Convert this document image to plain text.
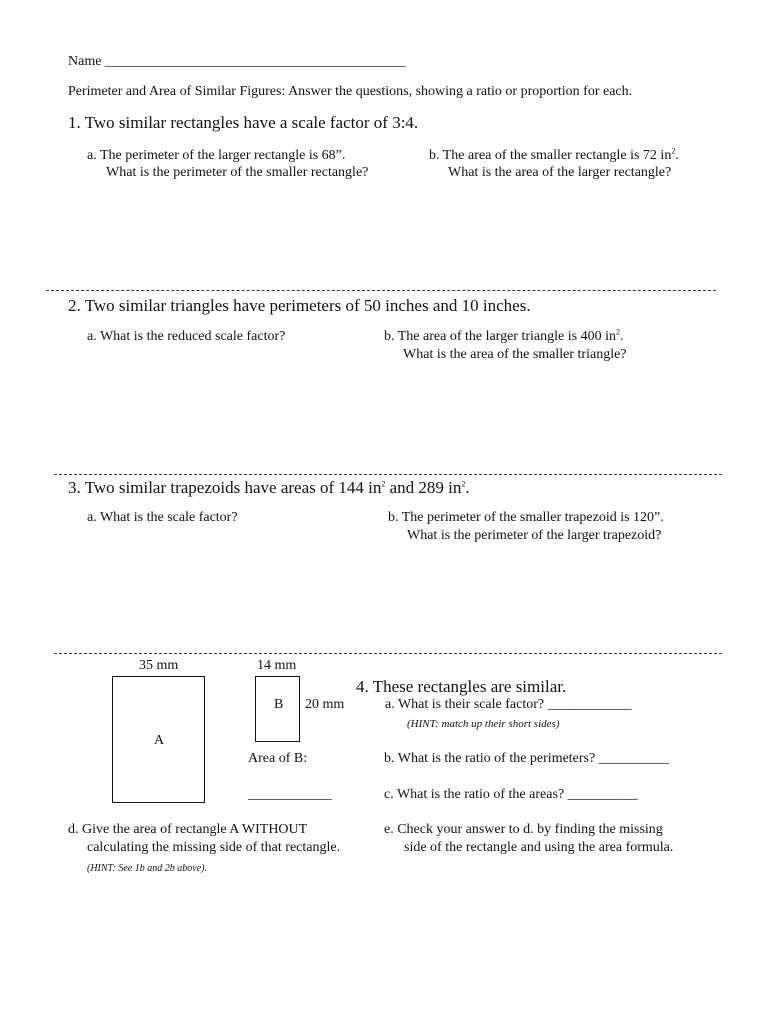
Name ___________________________________________
Perimeter and Area of Similar Figures: Answer the questions, showing a ratio or proportion for each.
1. Two similar rectangles have a scale factor of 3:4.
a. The perimeter of the larger rectangle is 68”.
What is the perimeter of the smaller rectangle?
b. The area of the smaller rectangle is 72 $in^2$.
What is the area of the larger rectangle?
2. Two similar triangles have perimeters of 50 inches and 10 inches.
a. What is the reduced scale factor?	b. The area of the larger triangle is 400 $in^2$.
What is the area of the smaller triangle?
3. Two similar trapezoids have areas of 144 $in^2$ and 289 $in^2$.
a. What is the scale factor?	b. The perimeter of the smaller trapezoid is 120”.
What is the perimeter of the larger trapezoid?
35 mm
A
14 mm
B 20 mm
Area of B:
____________
4. These rectangles are similar.
a. What is their scale factor? ____________
(HINT: match up their short sides)
b. What is the ratio of the perimeters? __________
c. What is the ratio of the areas? __________
d. Give the area of rectangle A WITHOUT
calculating the missing side of that rectangle.
(HINT: See 1b and 2b above).
e. Check your answer to d. by finding the missing
side of the rectangle and using the area formula.
